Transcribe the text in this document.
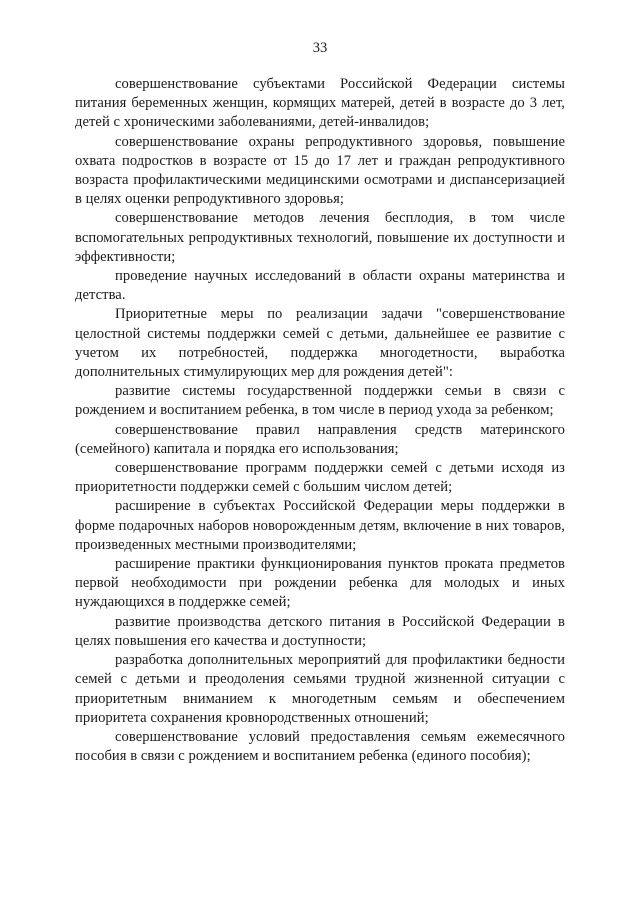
33

совершенствование субъектами Российской Федерации системы питания беременных женщин, кормящих матерей, детей в возрасте до 3 лет, детей с хроническими заболеваниями, детей-инвалидов;

совершенствование охраны репродуктивного здоровья, повышение охвата подростков в возрасте от 15 до 17 лет и граждан репродуктивного возраста профилактическими медицинскими осмотрами и диспансеризацией в целях оценки репродуктивного здоровья;

совершенствование методов лечения бесплодия, в том числе вспомогательных репродуктивных технологий, повышение их доступности и эффективности;

проведение научных исследований в области охраны материнства и детства.

Приоритетные меры по реализации задачи "совершенствование целостной системы поддержки семей с детьми, дальнейшее ее развитие с учетом их потребностей, поддержка многодетности, выработка дополнительных стимулирующих мер для рождения детей":

развитие системы государственной поддержки семьи в связи с рождением и воспитанием ребенка, в том числе в период ухода за ребенком;

совершенствование правил направления средств материнского (семейного) капитала и порядка его использования;

совершенствование программ поддержки семей с детьми исходя из приоритетности поддержки семей с большим числом детей;

расширение в субъектах Российской Федерации меры поддержки в форме подарочных наборов новорожденным детям, включение в них товаров, произведенных местными производителями;

расширение практики функционирования пунктов проката предметов первой необходимости при рождении ребенка для молодых и иных нуждающихся в поддержке семей;

развитие производства детского питания в Российской Федерации в целях повышения его качества и доступности;

разработка дополнительных мероприятий для профилактики бедности семей с детьми и преодоления семьями трудной жизненной ситуации с приоритетным вниманием к многодетным семьям и обеспечением приоритета сохранения кровнородственных отношений;

совершенствование условий предоставления семьям ежемесячного пособия в связи с рождением и воспитанием ребенка (единого пособия);
